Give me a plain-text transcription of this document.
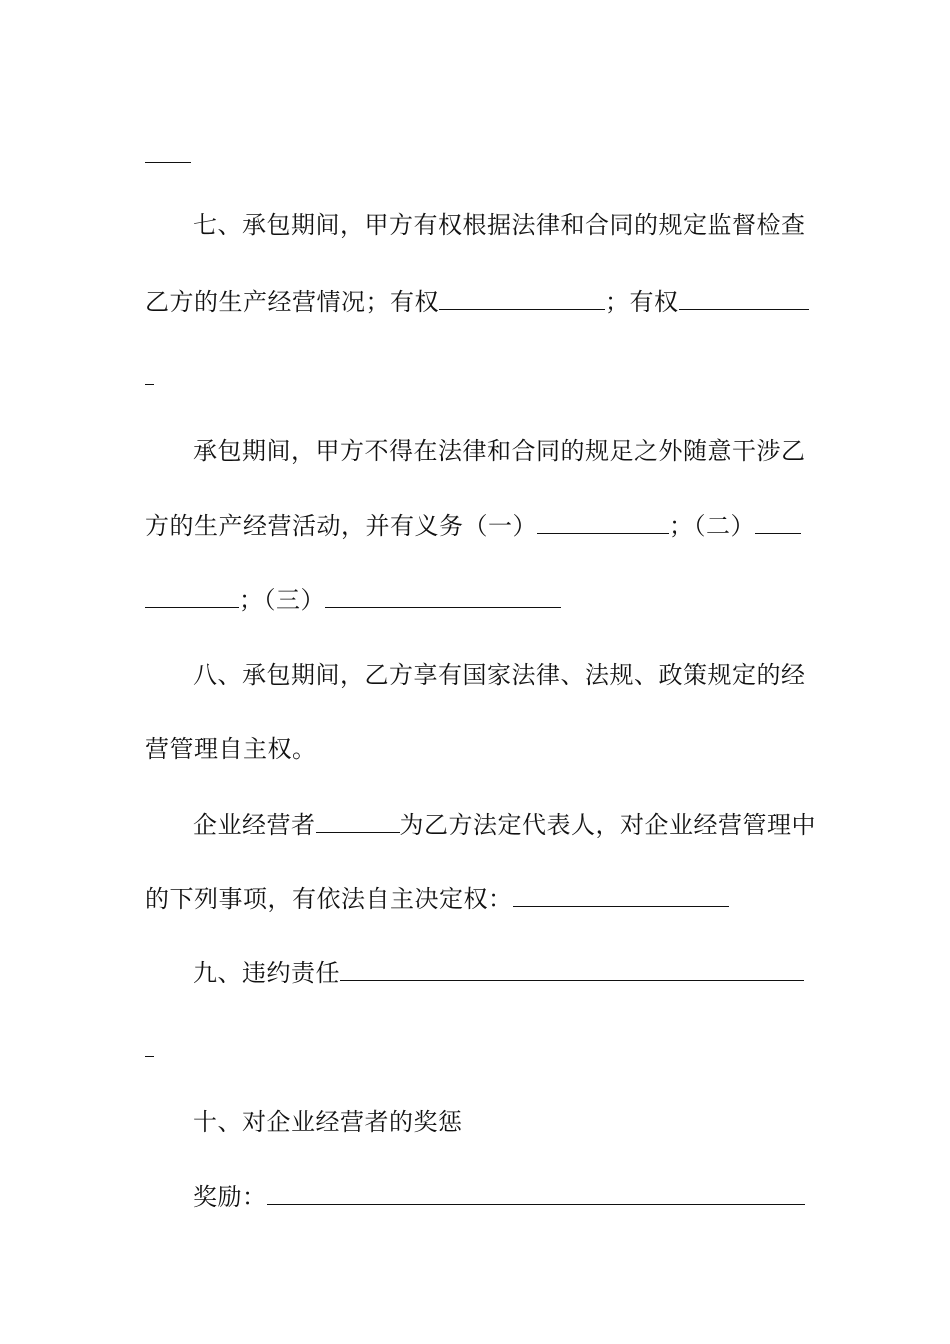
七、承包期间，甲方有权根据法律和合同的规定监督检查
乙方的生产经营情况；有权	；有权
承包期间，甲方不得在法律和合同的规足之外随意干涉乙
方的生产经营活动，并有义务（一）	；（二）
；（三）
八、承包期间，乙方享有国家法律、法规、政策规定的经
营管理自主权。
企业经营者	为乙方法定代表人，对企业经营管理中
的下列事项，有依法自主决定权：
九、违约责任
十、对企业经营者的奖惩
奖励：
